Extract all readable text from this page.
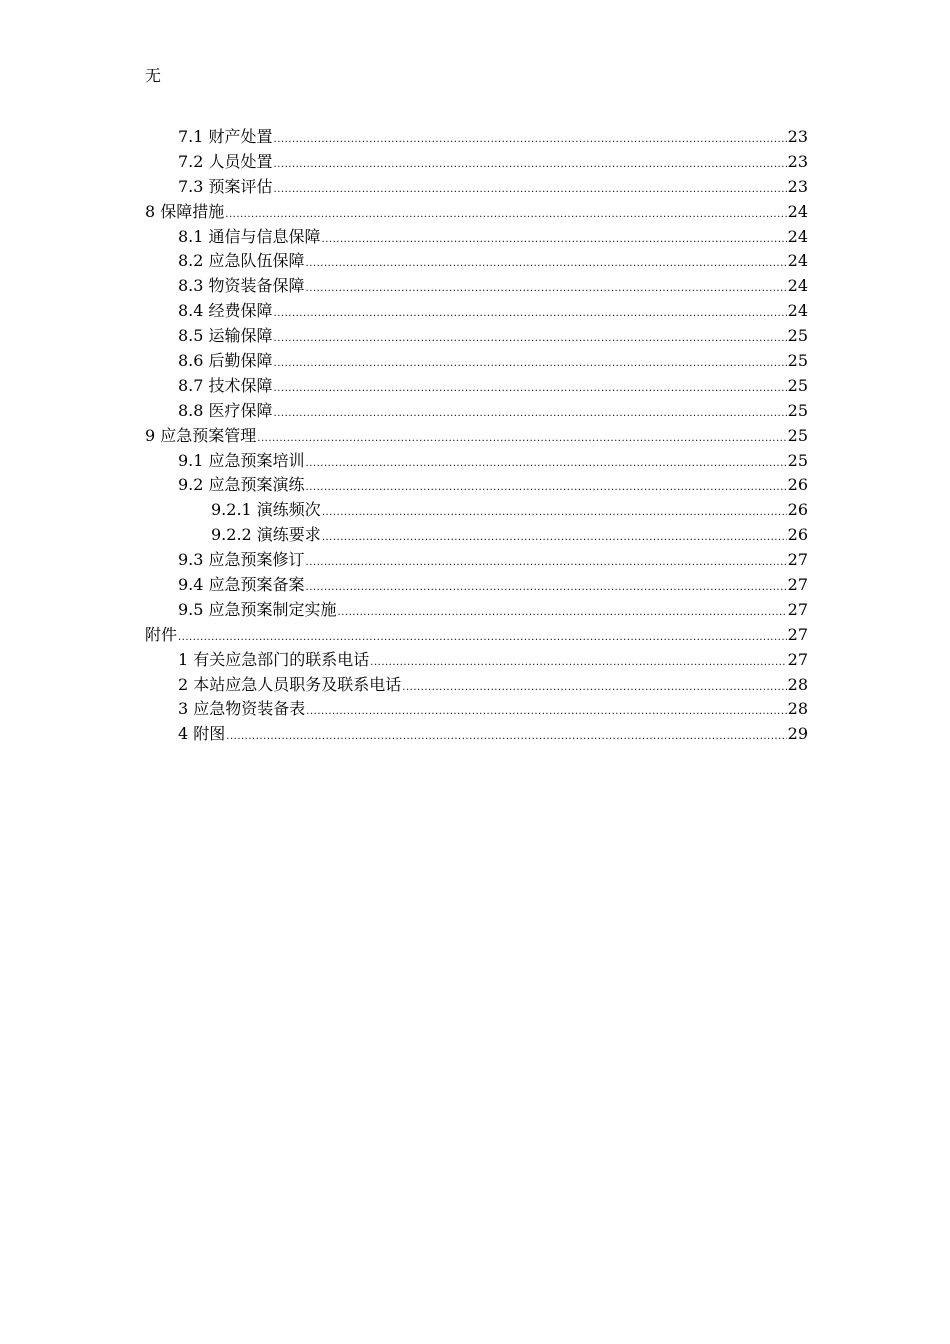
无
7.1 财产处置 .....	23
7.2 人员处置 .....	23
7.3 预案评估 .....	23
8 保障措施 .....	24
8.1 通信与信息保障 .....	24
8.2 应急队伍保障 .....	24
8.3 物资装备保障 .....	24
8.4 经费保障 .....	24
8.5 运输保障 .....	25
8.6 后勤保障 .....	25
8.7 技术保障 .....	25
8.8 医疗保障 .....	25
9 应急预案管理 .....	25
9.1 应急预案培训 .....	25
9.2 应急预案演练 .....	26
9.2.1 演练频次 .....	26
9.2.2 演练要求 .....	26
9.3 应急预案修订 .....	27
9.4 应急预案备案 .....	27
9.5 应急预案制定实施 .....	27
附件 .....	27
1 有关应急部门的联系电话 .....	27
2 本站应急人员职务及联系电话 .....	28
3 应急物资装备表 .....	28
4 附图 .....	29
